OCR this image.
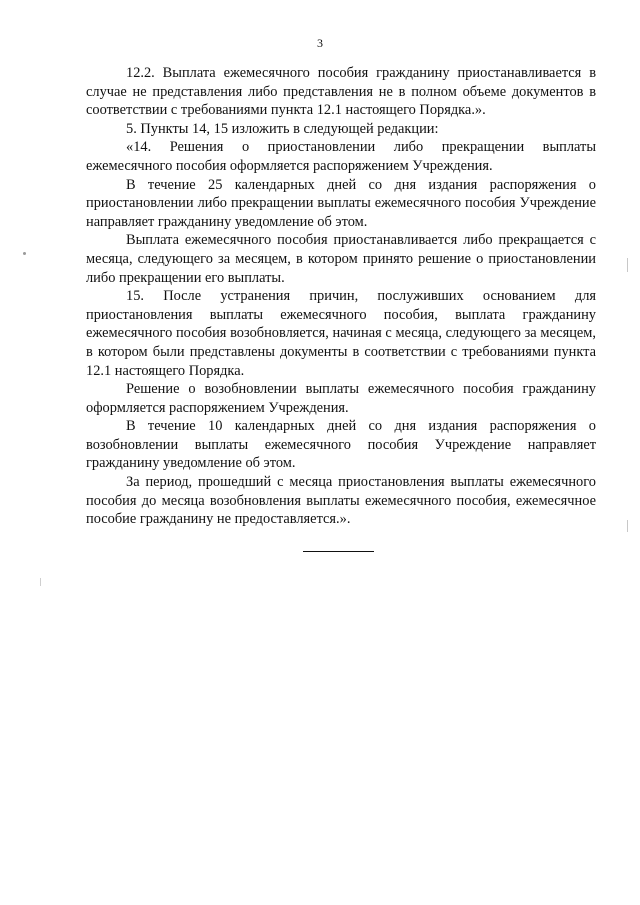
3

12.2. Выплата ежемесячного пособия гражданину приостанавливается в случае не представления либо представления не в полном объеме документов в соответствии с требованиями пункта 12.1 настоящего Порядка.».

5. Пункты 14, 15 изложить в следующей редакции:

«14. Решения о приостановлении либо прекращении выплаты ежемесячного пособия оформляется распоряжением Учреждения.

В течение 25 календарных дней со дня издания распоряжения о приостановлении либо прекращении выплаты ежемесячного пособия Учреждение направляет гражданину уведомление об этом.

Выплата ежемесячного пособия приостанавливается либо прекращается с месяца, следующего за месяцем, в котором принято решение о приостановлении либо прекращении его выплаты.

15. После устранения причин, послуживших основанием для приостановления выплаты ежемесячного пособия, выплата гражданину ежемесячного пособия возобновляется, начиная с месяца, следующего за месяцем, в котором были представлены документы в соответствии с требованиями пункта 12.1 настоящего Порядка.

Решение о возобновлении выплаты ежемесячного пособия гражданину оформляется распоряжением Учреждения.

В течение 10 календарных дней со дня издания распоряжения о возобновлении выплаты ежемесячного пособия Учреждение направляет гражданину уведомление об этом.

За период, прошедший с месяца приостановления выплаты ежемесячного пособия до месяца возобновления выплаты ежемесячного пособия, ежемесячное пособие гражданину не предоставляется.».
